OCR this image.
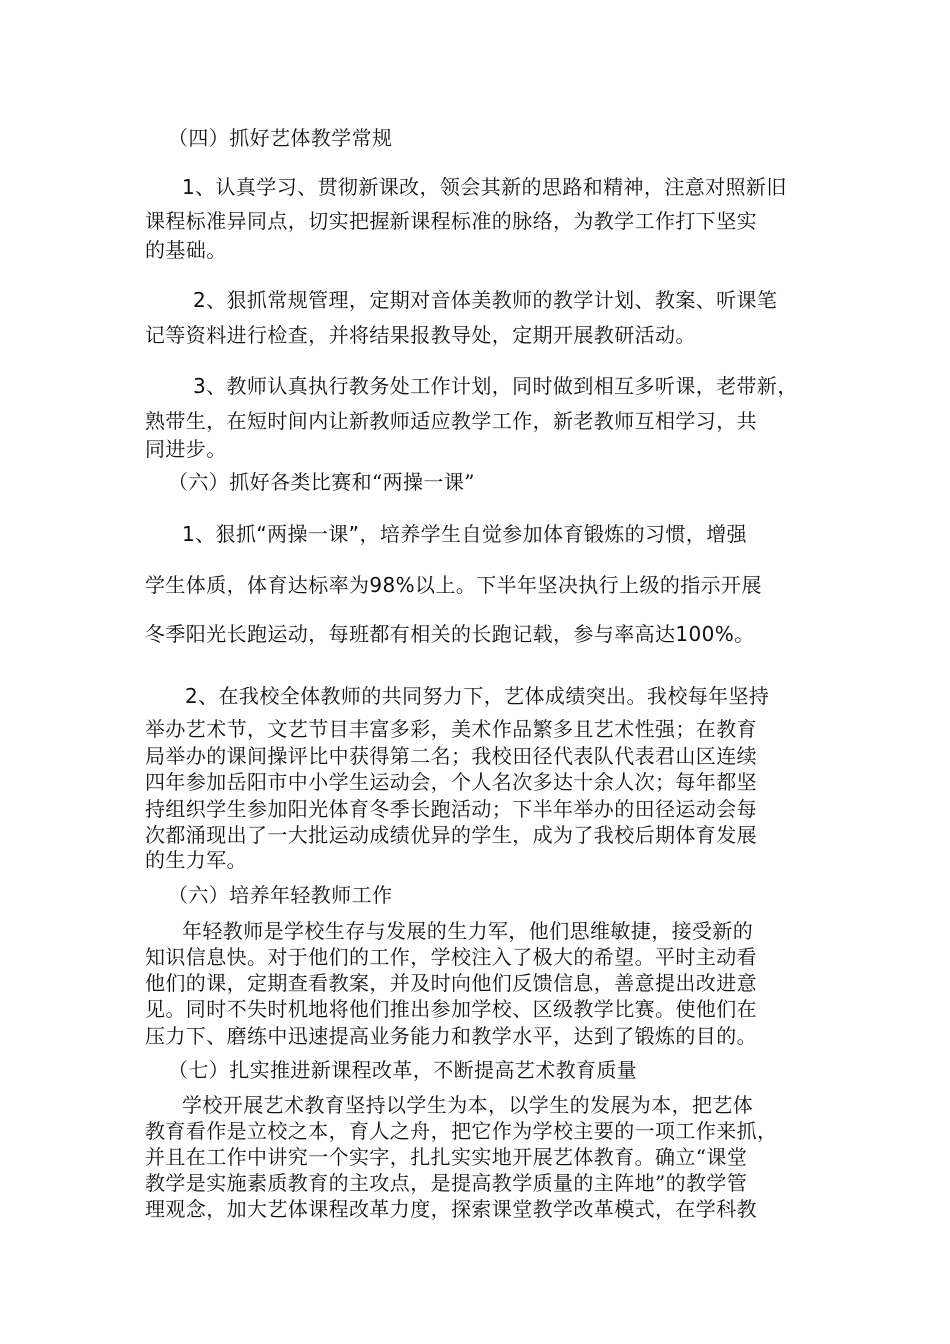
（四）抓好艺体教学常规
1、认真学习、贯彻新课改，领会其新的思路和精神，注意对照新旧
课程标准异同点，切实把握新课程标准的脉络，为教学工作打下坚实
的基础。
2、狠抓常规管理，定期对音体美教师的教学计划、教案、听课笔
记等资料进行检查，并将结果报教导处，定期开展教研活动。
3、教师认真执行教务处工作计划，同时做到相互多听课，老带新，
熟带生，在短时间内让新教师适应教学工作，新老教师互相学习，共
同进步。
（六）抓好各类比赛和“两操一课”
1、狠抓“两操一课”，培养学生自觉参加体育锻炼的习惯，增强
学生体质，体育达标率为98%以上。下半年坚决执行上级的指示开展
冬季阳光长跑运动，每班都有相关的长跑记载，参与率高达100%。
2、在我校全体教师的共同努力下，艺体成绩突出。我校每年坚持
举办艺术节，文艺节目丰富多彩，美术作品繁多且艺术性强；在教育
局举办的课间操评比中获得第二名；我校田径代表队代表君山区连续
四年参加岳阳市中小学生运动会，个人名次多达十余人次；每年都坚
持组织学生参加阳光体育冬季长跑活动；下半年举办的田径运动会每
次都涌现出了一大批运动成绩优异的学生，成为了我校后期体育发展
的生力军。
（六）培养年轻教师工作
年轻教师是学校生存与发展的生力军，他们思维敏捷，接受新的
知识信息快。对于他们的工作，学校注入了极大的希望。平时主动看
他们的课，定期查看教案，并及时向他们反馈信息，善意提出改进意
见。同时不失时机地将他们推出参加学校、区级教学比赛。使他们在
压力下、磨练中迅速提高业务能力和教学水平，达到了锻炼的目的。
（七）扎实推进新课程改革，不断提高艺术教育质量
学校开展艺术教育坚持以学生为本，以学生的发展为本，把艺体
教育看作是立校之本，育人之舟，把它作为学校主要的一项工作来抓，
并且在工作中讲究一个实字，扎扎实实地开展艺体教育。确立“课堂
教学是实施素质教育的主攻点，是提高教学质量的主阵地”的教学管
理观念，加大艺体课程改革力度，探索课堂教学改革模式，在学科教
